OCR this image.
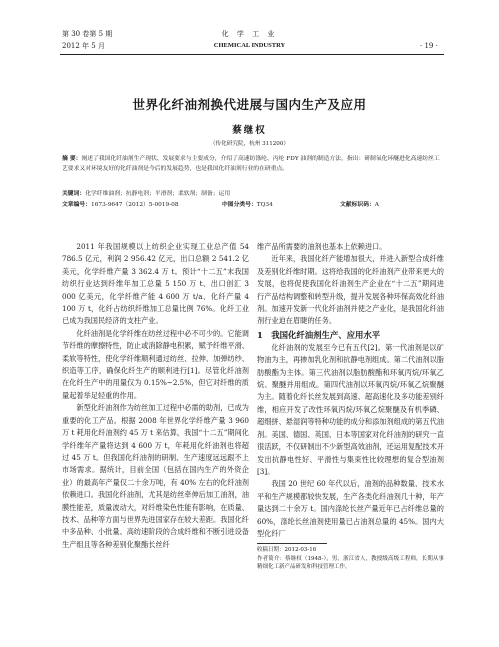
第 30 卷第 5 期
2012 年 5 月
化 学 工 业
CHEMICAL INDUSTRY	· 19 ·
世界化纤油剂换代进展与国内生产及应用
蔡继权
（传化研究院，杭州 311200）
摘 要：阐述了我国化纤油剂生产现状、发展要求与主要成分，介绍了高速纺涤纶、丙纶 FDY 油剂的制造方法，指出：研制氧化环醚进化高速纺丝工艺要求又对环境友好的化纤油剂是今后的发展趋势，也是我国化纤油剂行业的在研重点。
关键词：化学纤维油剂；抗静电剂；平滑剂；柔软剂；制备；运用
文章编号：1673-9647（2012）5-0019-08	中图分类号：TQ34	文献标识码：A

2011 年我国规模以上纺织企业实现工业总产值 54 786.5 亿元，利润 2 956.42 亿元，出口总额 2 541.2 亿美元，化学纤维产量 3 362.4 万 t。预计“十二五”末我国纺织行业达到纤维年加工总量 5 150 万 t、出口创汇 3 000 亿美元，化学纤维产能 4 600 万 t/a、化纤产量 4 100 万 t，化纤占纺织纤维加工总量比例 76%。化纤工业已成为我国民经济的支柱产业。

化纤油剂是化学纤维在纺丝过程中必不可少的。它能调节纤维的摩擦特性，防止或消除静电积累，赋予纤维平滑、柔软等特性，使化学纤维顺利通过纺丝、拉伸、加弹纺纱、织造等工序，确保化纤生产的顺利进行[1]。尽管化纤油剂在化纤生产中的用量仅为 0.15%~2.5%，但它对纤维的质量起着举足轻重的作用。

新型化纤油剂作为纺丝加工过程中必需的助剂，已成为重要的化工产品。根据 2008 年世界化学纤维产量 3 960 万 t 耗用化纤油剂约 45 万 t 来估算，我国“十二五”期间化学纤维年产量将达到 4 600 万 t，年耗用化纤油剂也将超过 45 万 t。但我国化纤油剂的研制、生产速度远远跟不上市场需求。据统计，目前全国（包括在国内生产的外资企业）的最高年产量仅二十余万吨，有 40% 左右的化纤油剂依赖进口。我国化纤油剂，尤其是纺丝牵伸后加工油剂，油膜性能差，质量波动大，对纤维染色性能有影响，在质量、技术、品种等方面与世界先进国家存在较大差距。我国化纤中多品种、小批量、高纺速阶段的合成纤维和不断引进设备生产组且等各种差别化聚酯长丝纤

维产品所需要的油剂也基本上依赖进口。

近年来，我国化纤产能增加很大，并进入新型合成纤维及差别化纤维时期。这将给我国的化纤油剂产业带来更大的发展，也将促使我国化纤油剂生产企业在“十二五”期间进行产品结构调整和转型升级，提升发展各种环保高效化纤油剂。加速开发新一代化纤油剂并使之产业化，是我国化纤油剂行业迫在眉睫的任务。

1　我国化纤油剂生产、应用水平

化纤油剂的发展至今已有五代[2]。第一代油剂是以矿物油为主，再掺加乳化剂和抗静电剂组成。第二代油剂以脂肪酸酯为主体。第三代油剂以脂肪酸酯和环氧丙烷/环氧乙烷、聚醚并用组成。第四代油剂以环氧丙烷/环氧乙烷聚醚为主。随着化纤长丝发展到高速、超高速化及多功能差别纤维，相应开发了改性环氧丙烷/环氧乙烷聚醚及有机季磷、超细拼、悬湿润等特种功能的成分和添加剂组成的第五代油剂。美国、德国、英国、日本等国家对化纤油剂的研究一直很活跃，不仅研制出不少新型高效油剂，还运用复配技术开发出抗静电性好、平滑性与集束性比较理想的复合型油剂[3]。

我国 20 世纪 60 年代以后，油剂的品种数量、技术水平和生产规模都较快发展，生产各类化纤油剂几十种，年产量达到二十余万 t。国内涤纶长丝产量近年已占纤维总量的 60%，涤纶长丝油剂使用量已占油剂总量的 45%。国内大型化纤厂

收稿日期：2012-03-16

作者简介：蔡继权（1948-），男，浙江省人，教授级高级工程师，长期从事精细化工新产品研发和科技管理工作。
